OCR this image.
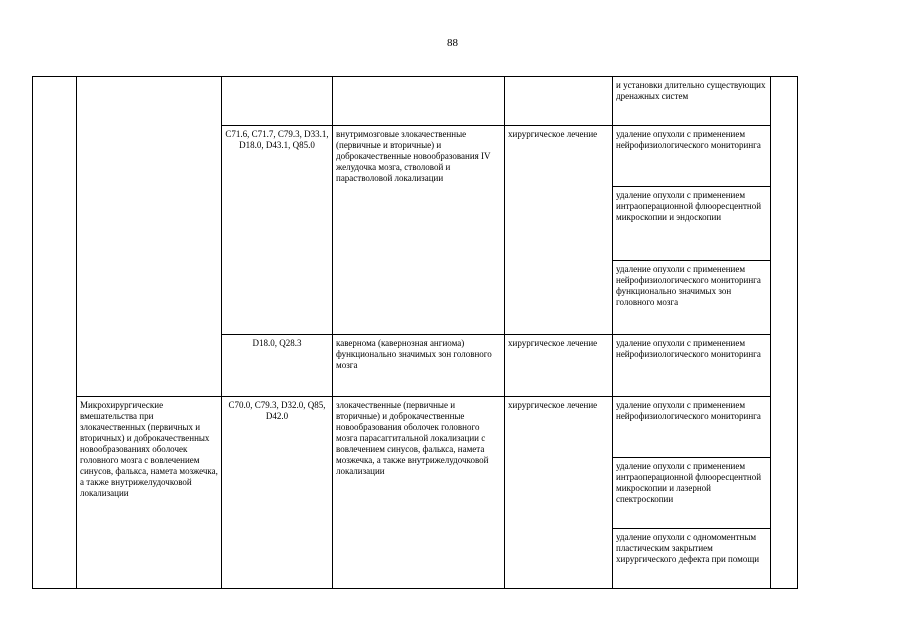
88
Микрохирургические вмешательства при злокачественных (первичных и вторичных) и доброкачественных новообразованиях оболочек головного мозга с вовлечением синусов, фалькса, намета мозжечка, а также внутрижелудочковой локализации
C71.6, C71.7, C79.3, D33.1, D18.0, D43.1, Q85.0
D18.0, Q28.3
C70.0, C79.3, D32.0, Q85, D42.0
внутримозговые злокачественные (первичные и вторичные) и доброкачественные новообразования IV желудочка мозга, стволовой и парастволовой локализации
кавернома (кавернозная ангиома) функционально значимых зон головного мозга
злокачественные (первичные и вторичные) и доброкачественные новообразования оболочек головного мозга парасаггитальной локализации с вовлечением синусов, фалькса, намета мозжечка, а также внутрижелудочковой локализации
хирургическое лечение
хирургическое лечение
хирургическое лечение
и установки длительно существующих дренажных систем
удаление опухоли с применением нейрофизиологического мониторинга
удаление опухоли с применением интраоперационной флюоресцентной микроскопии и эндоскопии
удаление опухоли с применением нейрофизиологического мониторинга функционально значимых зон головного мозга
удаление опухоли с применением нейрофизиологического мониторинга
удаление опухоли с применением нейрофизиологического мониторинга
удаление опухоли с применением интраоперационной флюоресцентной микроскопии и лазерной спектроскопии
удаление опухоли с одномоментным пластическим закрытием хирургического дефекта при помощи
